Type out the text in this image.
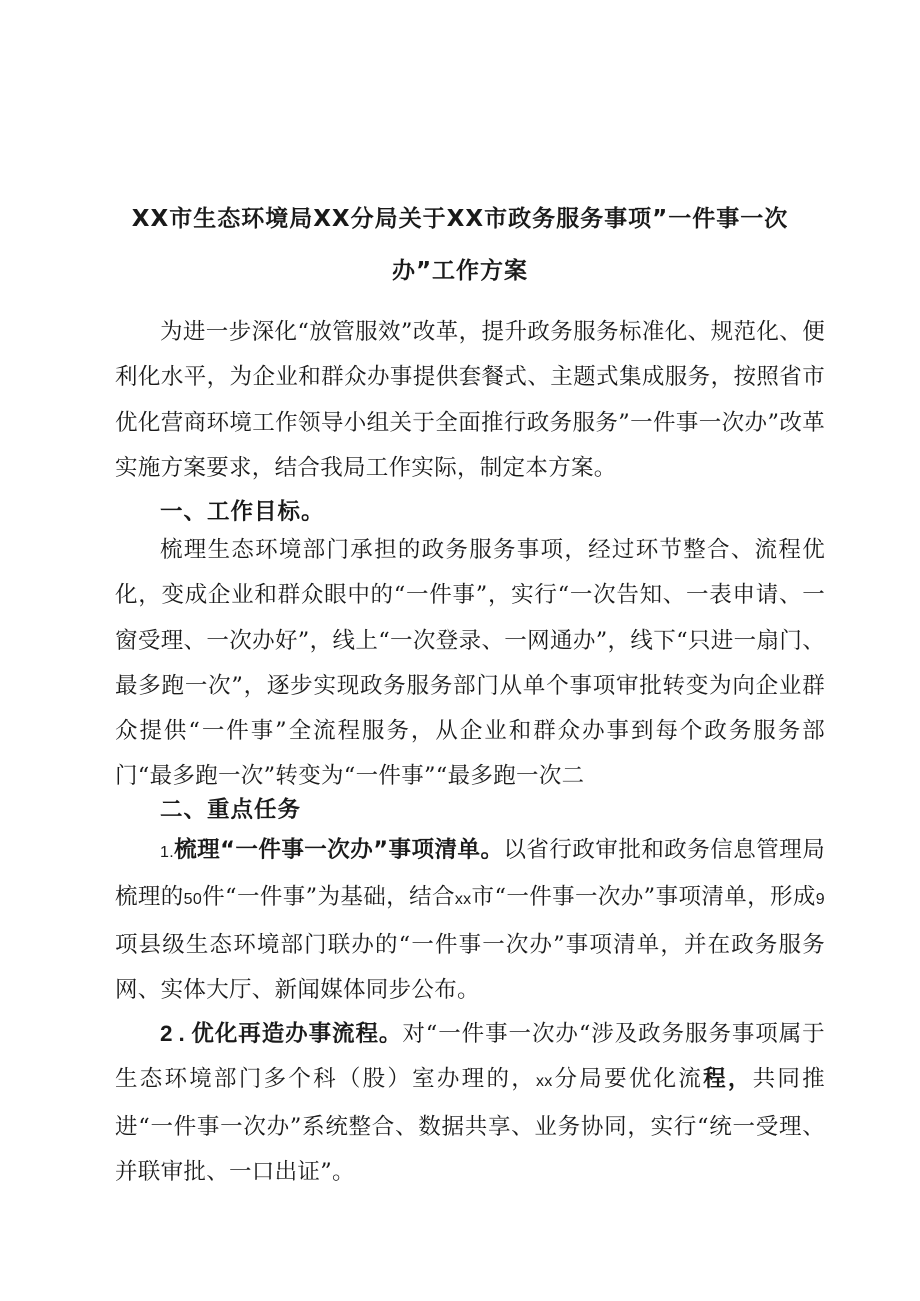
XX市生态环境局XX分局关于XX市政务服务事项”一件事一次
办”工作方案

为进一步深化“放管服效”改革，提升政务服务标准化、规范化、便利化水平，为企业和群众办事提供套餐式、主题式集成服务，按照省市优化营商环境工作领导小组关于全面推行政务服务”一件事一次办”改革实施方案要求，结合我局工作实际，制定本方案。

一、工作目标。

梳理生态环境部门承担的政务服务事项，经过环节整合、流程优化，变成企业和群众眼中的“一件事”，实行“一次告知、一表申请、一窗受理、一次办好”，线上“一次登录、一网通办”，线下“只进一扇门、最多跑一次”，逐步实现政务服务部门从单个事项审批转变为向企业群众提供“一件事”全流程服务，从企业和群众办事到每个政务服务部门“最多跑一次”转变为“一件事”“最多跑一次二

二、重点任务

1.梳理“一件事一次办”事项清单。以省行政审批和政务信息管理局梳理的50件“一件事”为基础，结合xx市“一件事一次办”事项清单，形成9项县级生态环境部门联办的“一件事一次办”事项清单，并在政务服务网、实体大厅、新闻媒体同步公布。

2.优化再造办事流程。对“一件事一次办“涉及政务服务事项属于生态环境部门多个科（股）室办理的，xx分局要优化流程，共同推进“一件事一次办”系统整合、数据共享、业务协同，实行“统一受理、并联审批、一口出证”。
